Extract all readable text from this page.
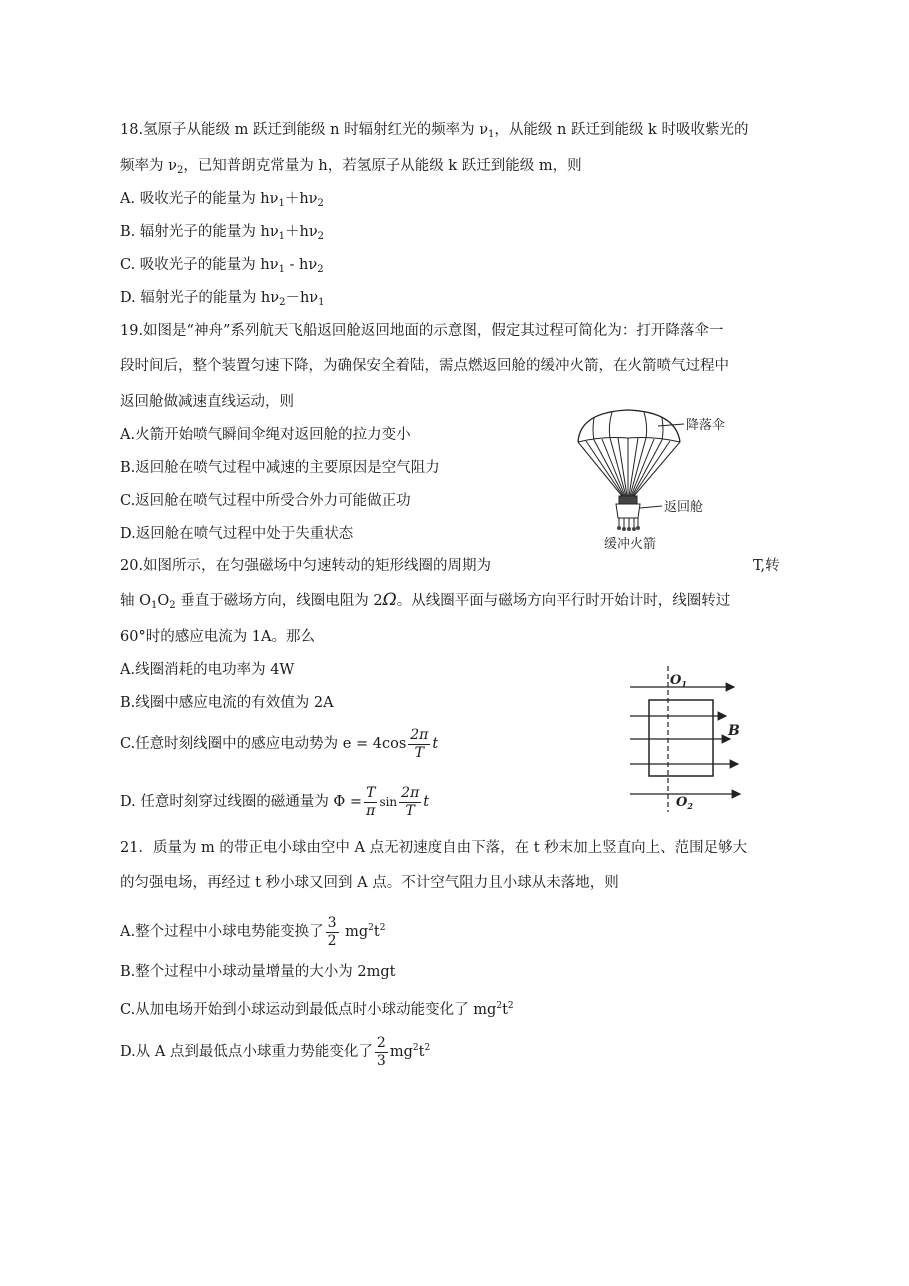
18.氢原子从能级 m 跃迁到能级 n 时辐射红光的频率为 $\nu_1$，从能级 n 跃迁到能级 k 时吸收紫光的
频率为 $\nu_2$，已知普朗克常量为 h，若氢原子从能级 k 跃迁到能级 m，则
A. 吸收光子的能量为 $h\nu_1+h\nu_2$
B. 辐射光子的能量为 $h\nu_1+h\nu_2$
C. 吸收光子的能量为 $h\nu_1 - h\nu_2$
D. 辐射光子的能量为 $h\nu_2-h\nu_1$
19.如图是“神舟”系列航天飞船返回舱返回地面的示意图，假定其过程可简化为：打开降落伞一
段时间后，整个装置匀速下降，为确保安全着陆，需点燃返回舱的缓冲火箭，在火箭喷气过程中
返回舱做减速直线运动，则
A.火箭开始喷气瞬间伞绳对返回舱的拉力变小
B.返回舱在喷气过程中减速的主要原因是空气阻力
C.返回舱在喷气过程中所受合外力可能做正功
D.返回舱在喷气过程中处于失重状态
降落伞
返回舱
缓冲火箭
20.如图所示，在匀强磁场中匀速转动的矩形线圈的周期为	T,转
轴 $O_1O_2$ 垂直于磁场方向，线圈电阻为 2Ω。从线圈平面与磁场方向平行时开始计时，线圈转过
60°时的感应电流为 1A。那么
A.线圈消耗的电功率为 4W
B.线圈中感应电流的有效值为 2A
C.任意时刻线圈中的感应电动势为 $e = 4\cos \frac{2\pi}{T}$ t
D. 任意时刻穿过线圈的磁通量为 $\Phi = \frac{T}{\pi}$ $\sin \frac{2\pi}{T}$ t
$O_1$
$O_2$
B
21．质量为 m 的带正电小球由空中 A 点无初速度自由下落，在 t 秒末加上竖直向上、范围足够大
的匀强电场，再经过 t 秒小球又回到 A 点。不计空气阻力且小球从未落地，则
A.整个过程中小球电势能变换了 $\frac{3}{2} mg^2t^2$
B.整个过程中小球动量增量的大小为 2mgt
C.从加电场开始到小球运动到最低点时小球动能变化了 $mg^2t^2$
D.从 A 点到最低点小球重力势能变化了 $\frac{2}{3} mg^2t^2$
